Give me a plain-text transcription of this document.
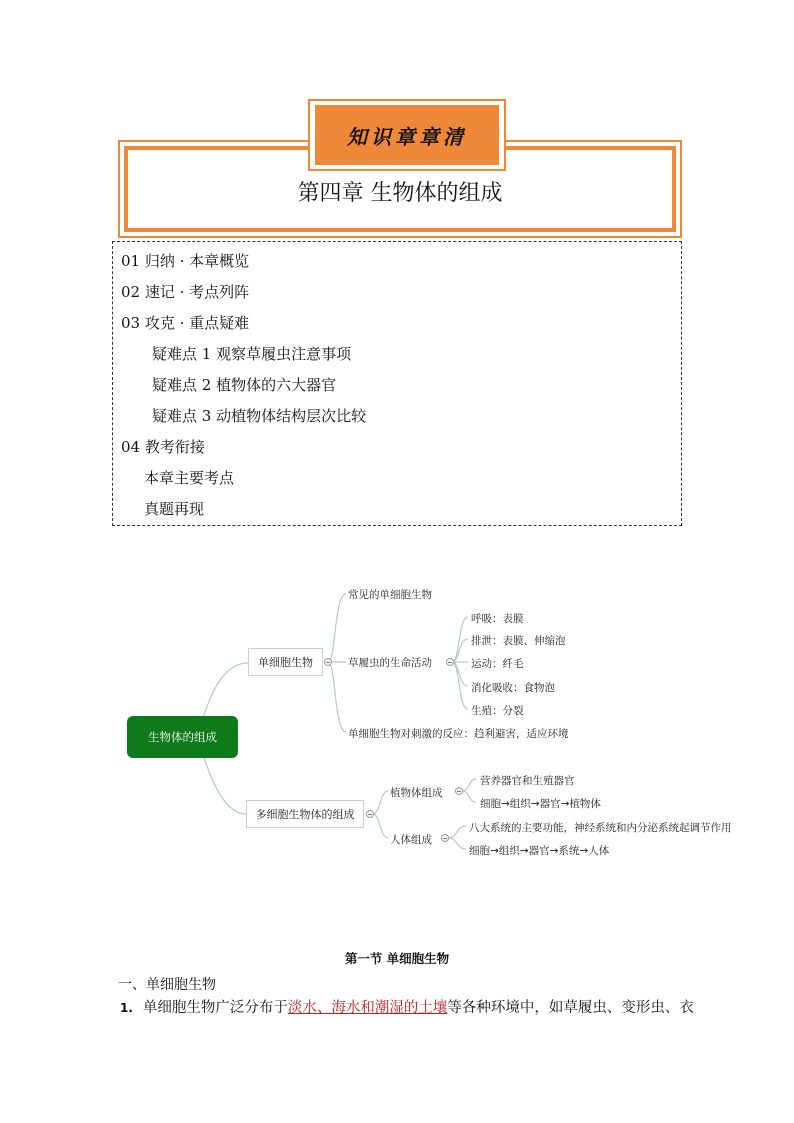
第四章 生物体的组成
知识章章清
01 归纳 · 本章概览
02 速记 · 考点列阵
03 攻克 · 重点疑难
疑难点 1 观察草履虫注意事项
疑难点 2 植物体的六大器官
疑难点 3 动植物体结构层次比较
04 教考衔接
本章主要考点
真题再现
生物体的组成
单细胞生物
常见的单细胞生物
草履虫的生命活动
呼吸：表膜
排泄：表膜、伸缩泡
运动：纤毛
消化吸收：食物泡
生殖：分裂
单细胞生物对刺激的反应：趋利避害，适应环境
多细胞生物体的组成
植物体组成
营养器官和生殖器官
细胞→组织→器官→植物体
人体组成
八大系统的主要功能，神经系统和内分泌系统起调节作用
细胞→组织→器官→系统→人体
第一节 单细胞生物
一、单细胞生物
1. 单细胞生物广泛分布于淡水、海水和潮湿的土壤等各种环境中，如草履虫、变形虫、衣
